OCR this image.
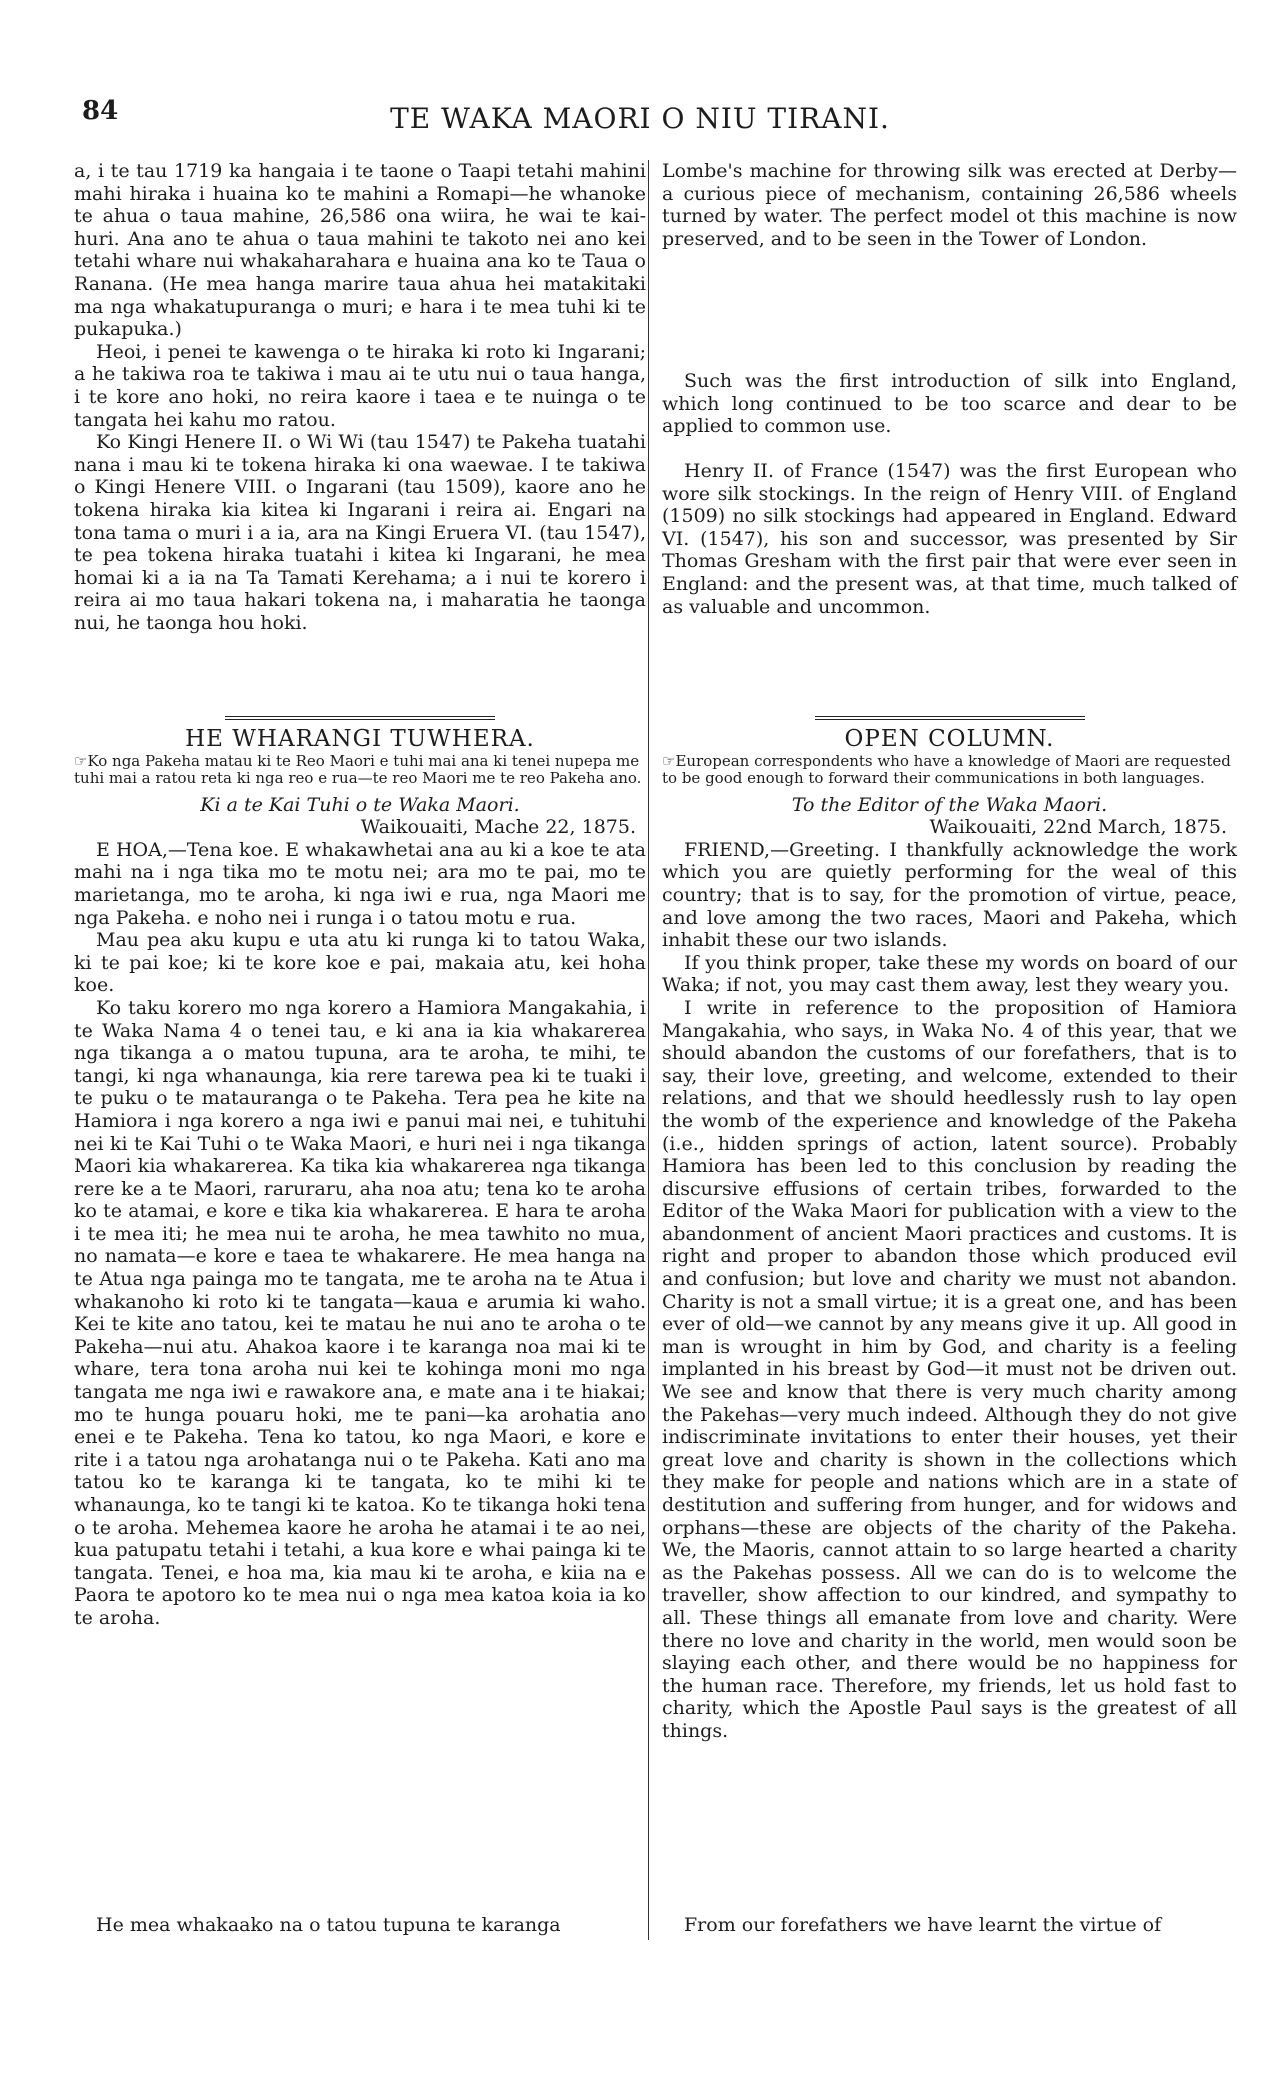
84	TE WAKA MAORI O NIU TIRANI.

a, i te tau 1719 ka hangaia i te taone o Taapi tetahi mahini mahi hiraka i huaina ko te mahini a Romapi—he whanoke te ahua o taua mahine, 26,586 ona wiira, he wai te kai-huri. Ana ano te ahua o taua mahini te takoto nei ano kei tetahi whare nui whakaharahara e huaina ana ko te Taua o Ranana. (He mea hanga marire taua ahua hei matakitaki ma nga whakatupuranga o muri; e hara i te mea tuhi ki te pukapuka.)

Heoi, i penei te kawenga o te hiraka ki roto ki Ingarani; a he takiwa roa te takiwa i mau ai te utu nui o taua hanga, i te kore ano hoki, no reira kaore i taea e te nuinga o te tangata hei kahu mo ratou.

Ko Kingi Henere II. o Wi Wi (tau 1547) te Pakeha tuatahi nana i mau ki te tokena hiraka ki ona waewae. I te takiwa o Kingi Henere VIII. o Ingarani (tau 1509), kaore ano he tokena hiraka kia kitea ki Ingarani i reira ai. Engari na tona tama o muri i a ia, ara na Kingi Eruera VI. (tau 1547), te pea tokena hiraka tuatahi i kitea ki Ingarani, he mea homai ki a ia na Ta Tamati Kerehama; a i nui te korero i reira ai mo taua hakari tokena na, i maharatia he taonga nui, he taonga hou hoki.

HE WHARANGI TUWHERA.

☞Ko nga Pakeha matau ki te Reo Maori e tuhi mai ana ki tenei nupepa me tuhi mai a ratou reta ki nga reo e rua—te reo Maori me te reo Pakeha ano.

Ki a te Kai Tuhi o te Waka Maori.
Waikouaiti, Mache 22, 1875.

E HOA,—Tena koe. E whakawhetai ana au ki a koe te ata mahi na i nga tika mo te motu nei; ara mo te pai, mo te marietanga, mo te aroha, ki nga iwi e rua, nga Maori me nga Pakeha. e noho nei i runga i o tatou motu e rua.

Mau pea aku kupu e uta atu ki runga ki to tatou Waka, ki te pai koe; ki te kore koe e pai, makaia atu, kei hoha koe.

Ko taku korero mo nga korero a Hamiora Mangakahia, i te Waka Nama 4 o tenei tau, e ki ana ia kia whakarerea nga tikanga a o matou tupuna, ara te aroha, te mihi, te tangi, ki nga whanaunga, kia rere tarewa pea ki te tuaki i te puku o te matauranga o te Pakeha. Tera pea he kite na Hamiora i nga korero a nga iwi e panui mai nei, e tuhituhi nei ki te Kai Tuhi o te Waka Maori, e huri nei i nga tikanga Maori kia whakarerea. Ka tika kia whakarerea nga tikanga rere ke a te Maori, raruraru, aha noa atu; tena ko te aroha ko te atamai, e kore e tika kia whakarerea. E hara te aroha i te mea iti; he mea nui te aroha, he mea tawhito no mua, no namata—e kore e taea te whakarere. He mea hanga na te Atua nga painga mo te tangata, me te aroha na te Atua i whakanoho ki roto ki te tangata—kaua e arumia ki waho. Kei te kite ano tatou, kei te matau he nui ano te aroha o te Pakeha—nui atu. Ahakoa kaore i te karanga noa mai ki te whare, tera tona aroha nui kei te kohinga moni mo nga tangata me nga iwi e rawakore ana, e mate ana i te hiakai; mo te hunga pouaru hoki, me te pani—ka arohatia ano enei e te Pakeha. Tena ko tatou, ko nga Maori, e kore e rite i a tatou nga arohatanga nui o te Pakeha. Kati ano ma tatou ko te karanga ki te tangata, ko te mihi ki te whanaunga, ko te tangi ki te katoa. Ko te tikanga hoki tena o te aroha. Mehemea kaore he aroha he atamai i te ao nei, kua patupatu tetahi i tetahi, a kua kore e whai painga ki te tangata. Tenei, e hoa ma, kia mau ki te aroha, e kiia na e Paora te apotoro ko te mea nui o nga mea katoa koia ia ko te aroha.

He mea whakaako na o tatou tupuna te karanga

Lombe's machine for throwing silk was erected at Derby—a curious piece of mechanism, containing 26,586 wheels turned by water. The perfect model ot this machine is now preserved, and to be seen in the Tower of London.

Such was the first introduction of silk into England, which long continued to be too scarce and dear to be applied to common use.

Henry II. of France (1547) was the first European who wore silk stockings. In the reign of Henry VIII. of England (1509) no silk stockings had appeared in England. Edward VI. (1547), his son and successor, was presented by Sir Thomas Gresham with the first pair that were ever seen in England: and the present was, at that time, much talked of as valuable and uncommon.

OPEN COLUMN.

☞European correspondents who have a knowledge of Maori are requested to be good enough to forward their communications in both languages.

To the Editor of the Waka Maori.
Waikouaiti, 22nd March, 1875.

FRIEND,—Greeting. I thankfully acknowledge the work which you are quietly performing for the weal of this country; that is to say, for the promotion of virtue, peace, and love among the two races, Maori and Pakeha, which inhabit these our two islands.

If you think proper, take these my words on board of our Waka; if not, you may cast them away, lest they weary you.

I write in reference to the proposition of Hamiora Mangakahia, who says, in Waka No. 4 of this year, that we should abandon the customs of our forefathers, that is to say, their love, greeting, and welcome, extended to their relations, and that we should heedlessly rush to lay open the womb of the experience and knowledge of the Pakeha (i.e., hidden springs of action, latent source). Probably Hamiora has been led to this conclusion by reading the discursive effusions of certain tribes, forwarded to the Editor of the Waka Maori for publication with a view to the abandonment of ancient Maori practices and customs. It is right and proper to abandon those which produced evil and confusion; but love and charity we must not abandon. Charity is not a small virtue; it is a great one, and has been ever of old—we cannot by any means give it up. All good in man is wrought in him by God, and charity is a feeling implanted in his breast by God—it must not be driven out. We see and know that there is very much charity among the Pakehas—very much indeed. Although they do not give indiscriminate invitations to enter their houses, yet their great love and charity is shown in the collections which they make for people and nations which are in a state of destitution and suffering from hunger, and for widows and orphans—these are objects of the charity of the Pakeha. We, the Maoris, cannot attain to so large hearted a charity as the Pakehas possess. All we can do is to welcome the traveller, show affection to our kindred, and sympathy to all. These things all emanate from love and charity. Were there no love and charity in the world, men would soon be slaying each other, and there would be no happiness for the human race. Therefore, my friends, let us hold fast to charity, which the Apostle Paul says is the greatest of all things.

From our forefathers we have learnt the virtue of
